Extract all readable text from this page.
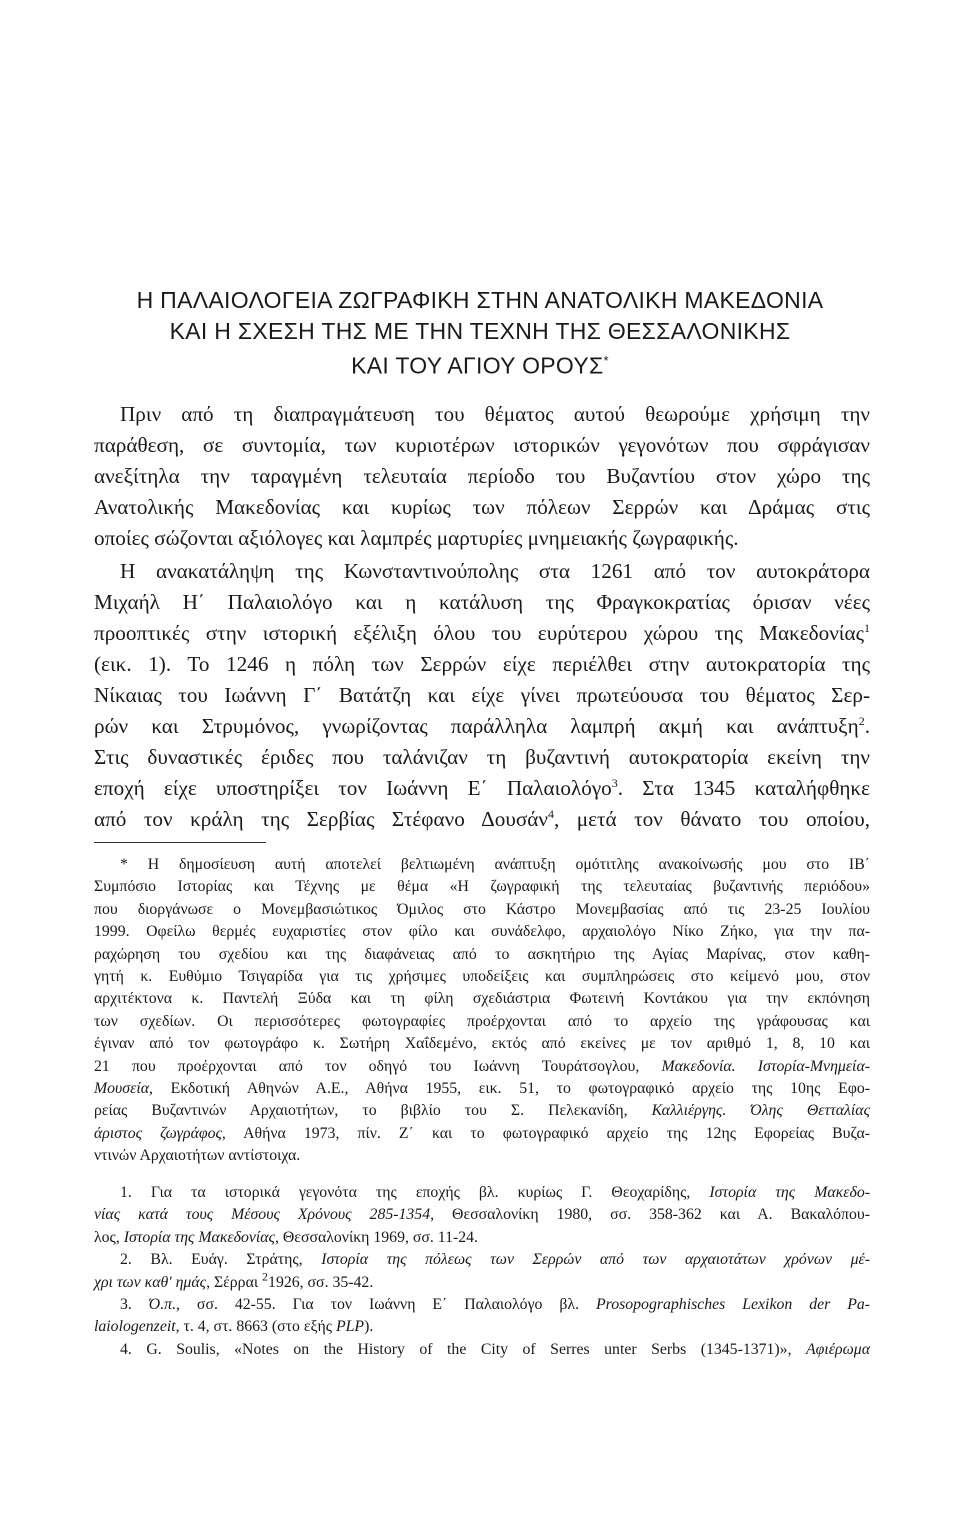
Η ΠΑΛΑΙΟΛΟΓΕΙΑ ΖΩΓΡΑΦΙΚΗ ΣΤΗΝ ΑΝΑΤΟΛΙΚΗ ΜΑΚΕΔΟΝΙΑ
ΚΑΙ Η ΣΧΕΣΗ ΤΗΣ ΜΕ ΤΗΝ ΤΕΧΝΗ ΤΗΣ ΘΕΣΣΑΛΟΝΙΚΗΣ
ΚΑΙ ΤΟΥ ΑΓΙΟΥ ΟΡΟΥΣ*
Πριν από τη διαπραγμάτευση του θέματος αυτού θεωρούμε χρήσιμη την
παράθεση, σε συντομία, των κυριοτέρων ιστορικών γεγονότων που σφράγισαν
ανεξίτηλα την ταραγμένη τελευταία περίοδο του Βυζαντίου στον χώρο της
Ανατολικής Μακεδονίας και κυρίως των πόλεων Σερρών και Δράμας στις
οποίες σώζονται αξιόλογες και λαμπρές μαρτυρίες μνημειακής ζωγραφικής.
Η ανακατάληψη της Κωνσταντινούπολης στα 1261 από τον αυτοκράτορα
Μιχαήλ Η΄ Παλαιολόγο και η κατάλυση της Φραγκοκρατίας όρισαν νέες
προοπτικές στην ιστορική εξέλιξη όλου του ευρύτερου χώρου της Μακεδονίας$^1$
(εικ. 1). Το 1246 η πόλη των Σερρών είχε περιέλθει στην αυτοκρατορία της
Νίκαιας του Ιωάννη Γ΄ Βατάτζη και είχε γίνει πρωτεύουσα του θέματος Σερ-
ρών και Στρυμόνος, γνωρίζοντας παράλληλα λαμπρή ακμή και ανάπτυξη$^2$.
Στις δυναστικές έριδες που ταλάνιζαν τη βυζαντινή αυτοκρατορία εκείνη την
εποχή είχε υποστηρίξει τον Ιωάννη Ε΄ Παλαιολόγο$^3$. Στα 1345 καταλήφθηκε
από τον κράλη της Σερβίας Στέφανο Δουσάν$^4$, μετά τον θάνατο του οποίου,
* Η δημοσίευση αυτή αποτελεί βελτιωμένη ανάπτυξη ομότιτλης ανακοίνωσής μου στο ΙΒ΄
Συμπόσιο Ιστορίας και Τέχνης με θέμα «Η ζωγραφική της τελευταίας βυζαντινής περιόδου»
που διοργάνωσε ο Μονεμβασιώτικος Όμιλος στο Κάστρο Μονεμβασίας από τις 23-25 Ιουλίου
1999. Οφείλω θερμές ευχαριστίες στον φίλο και συνάδελφο, αρχαιολόγο Νίκο Ζήκο, για την πα-
ραχώρηση του σχεδίου και της διαφάνειας από το ασκητήριο της Αγίας Μαρίνας, στον καθη-
γητή κ. Ευθύμιο Τσιγαρίδα για τις χρήσιμες υποδείξεις και συμπληρώσεις στο κείμενό μου, στον
αρχιτέκτονα κ. Παντελή Ξύδα και τη φίλη σχεδιάστρια Φωτεινή Κοντάκου για την εκπόνηση
των σχεδίων. Οι περισσότερες φωτογραφίες προέρχονται από το αρχείο της γράφουσας και
έγιναν από τον φωτογράφο κ. Σωτήρη Χαΐδεμένο, εκτός από εκείνες με τον αριθμό 1, 8, 10 και
21 που προέρχονται από τον οδηγό του Ιωάννη Τουράτσογλου, Μακεδονία. Ιστορία-Μνημεία-
Μουσεία, Εκδοτική Αθηνών Α.Ε., Αθήνα 1955, εικ. 51, το φωτογραφικό αρχείο της 10ης Εφο-
ρείας Βυζαντινών Αρχαιοτήτων, το βιβλίο του Σ. Πελεκανίδη, Καλλιέργης. Όλης Θετταλίας
άριστος ζωγράφος, Αθήνα 1973, πίν. Ζ΄ και το φωτογραφικό αρχείο της 12ης Εφορείας Βυζα-
ντινών Αρχαιοτήτων αντίστοιχα.
1. Για τα ιστορικά γεγονότα της εποχής βλ. κυρίως Γ. Θεοχαρίδης, Ιστορία της Μακεδο-
νίας κατά τους Μέσους Χρόνους 285-1354, Θεσσαλονίκη 1980, σσ. 358-362 και Α. Βακαλόπου-
λος, Ιστορία της Μακεδονίας, Θεσσαλονίκη 1969, σσ. 11-24.
2. Βλ. Ευάγ. Στράτης, Ιστορία της πόλεως των Σερρών από των αρχαιοτάτων χρόνων μέ-
χρι των καθ' ημάς, Σέρραι $^2$1926, σσ. 35-42.
3. Ό.π., σσ. 42-55. Για τον Ιωάννη Ε΄ Παλαιολόγο βλ. Prosopographisches Lexikon der Pa-
laiologenzeit, τ. 4, στ. 8663 (στο εξής PLP).
4. G. Soulis, «Notes on the History of the City of Serres unter Serbs (1345-1371)», Αφιέρωμα
